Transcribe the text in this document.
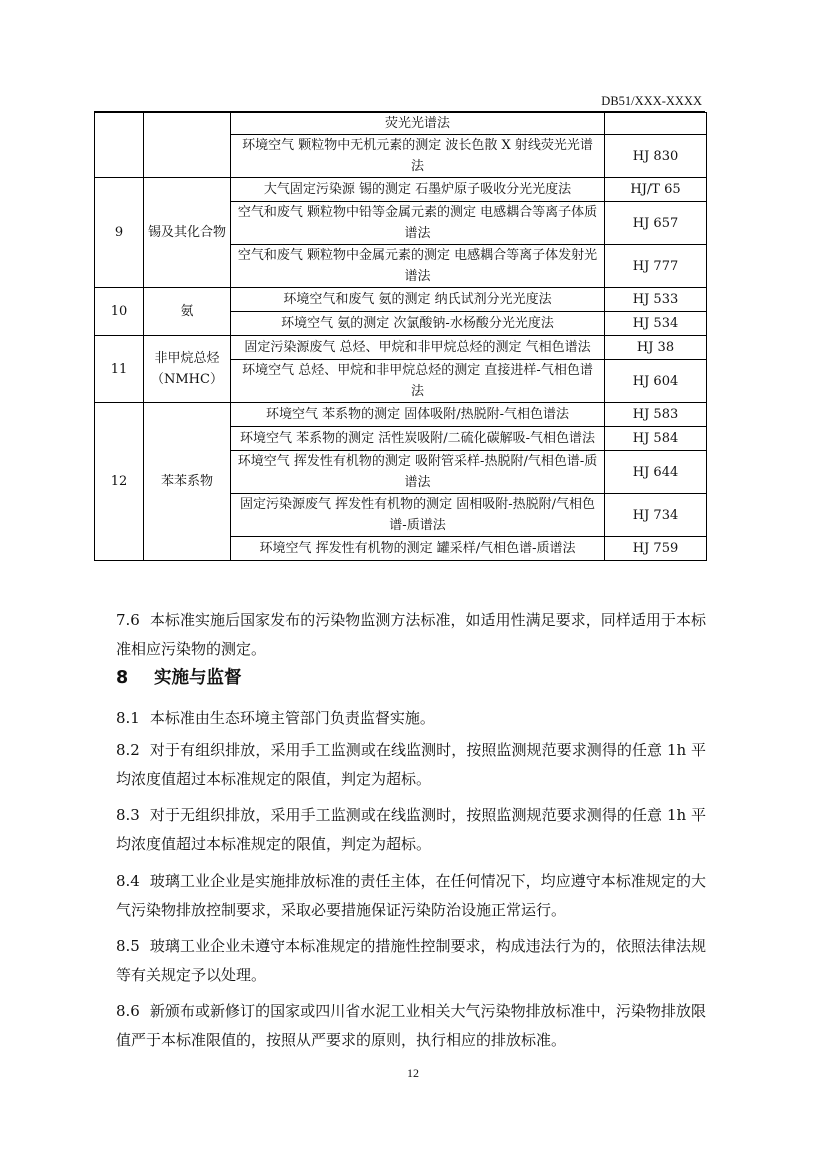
DB51/XXX-XXXX
		荧光光谱法	
		环境空气 颗粒物中无机元素的测定 波长色散 X 射线荧光光谱法	HJ 830
9	锡及其化合物	大气固定污染源 锡的测定 石墨炉原子吸收分光光度法	HJ/T 65
		空气和废气 颗粒物中铅等金属元素的测定 电感耦合等离子体质谱法	HJ 657
		空气和废气 颗粒物中金属元素的测定 电感耦合等离子体发射光谱法	HJ 777
10	氨	环境空气和废气 氨的测定 纳氏试剂分光光度法	HJ 533
		环境空气 氨的测定 次氯酸钠-水杨酸分光光度法	HJ 534
11	非甲烷总烃（NMHC）	固定污染源废气 总烃、甲烷和非甲烷总烃的测定 气相色谱法	HJ 38
		环境空气 总烃、甲烷和非甲烷总烃的测定 直接进样-气相色谱法	HJ 604
12	苯苯系物	环境空气 苯系物的测定 固体吸附/热脱附-气相色谱法	HJ 583
		环境空气 苯系物的测定 活性炭吸附/二硫化碳解吸-气相色谱法	HJ 584
		环境空气 挥发性有机物的测定 吸附管采样-热脱附/气相色谱-质谱法	HJ 644
		固定污染源废气 挥发性有机物的测定 固相吸附-热脱附/气相色谱-质谱法	HJ 734
		环境空气 挥发性有机物的测定 罐采样/气相色谱-质谱法	HJ 759

7.6 本标准实施后国家发布的污染物监测方法标准，如适用性满足要求，同样适用于本标准相应污染物的测定。

8 实施与监督

8.1 本标准由生态环境主管部门负责监督实施。

8.2 对于有组织排放，采用手工监测或在线监测时，按照监测规范要求测得的任意 1h 平均浓度值超过本标准规定的限值，判定为超标。

8.3 对于无组织排放，采用手工监测或在线监测时，按照监测规范要求测得的任意 1h 平均浓度值超过本标准规定的限值，判定为超标。

8.4 玻璃工业企业是实施排放标准的责任主体，在任何情况下，均应遵守本标准规定的大气污染物排放控制要求，采取必要措施保证污染防治设施正常运行。

8.5 玻璃工业企业未遵守本标准规定的措施性控制要求，构成违法行为的，依照法律法规等有关规定予以处理。

8.6 新颁布或新修订的国家或四川省水泥工业相关大气污染物排放标准中，污染物排放限值严于本标准限值的，按照从严要求的原则，执行相应的排放标准。

12
